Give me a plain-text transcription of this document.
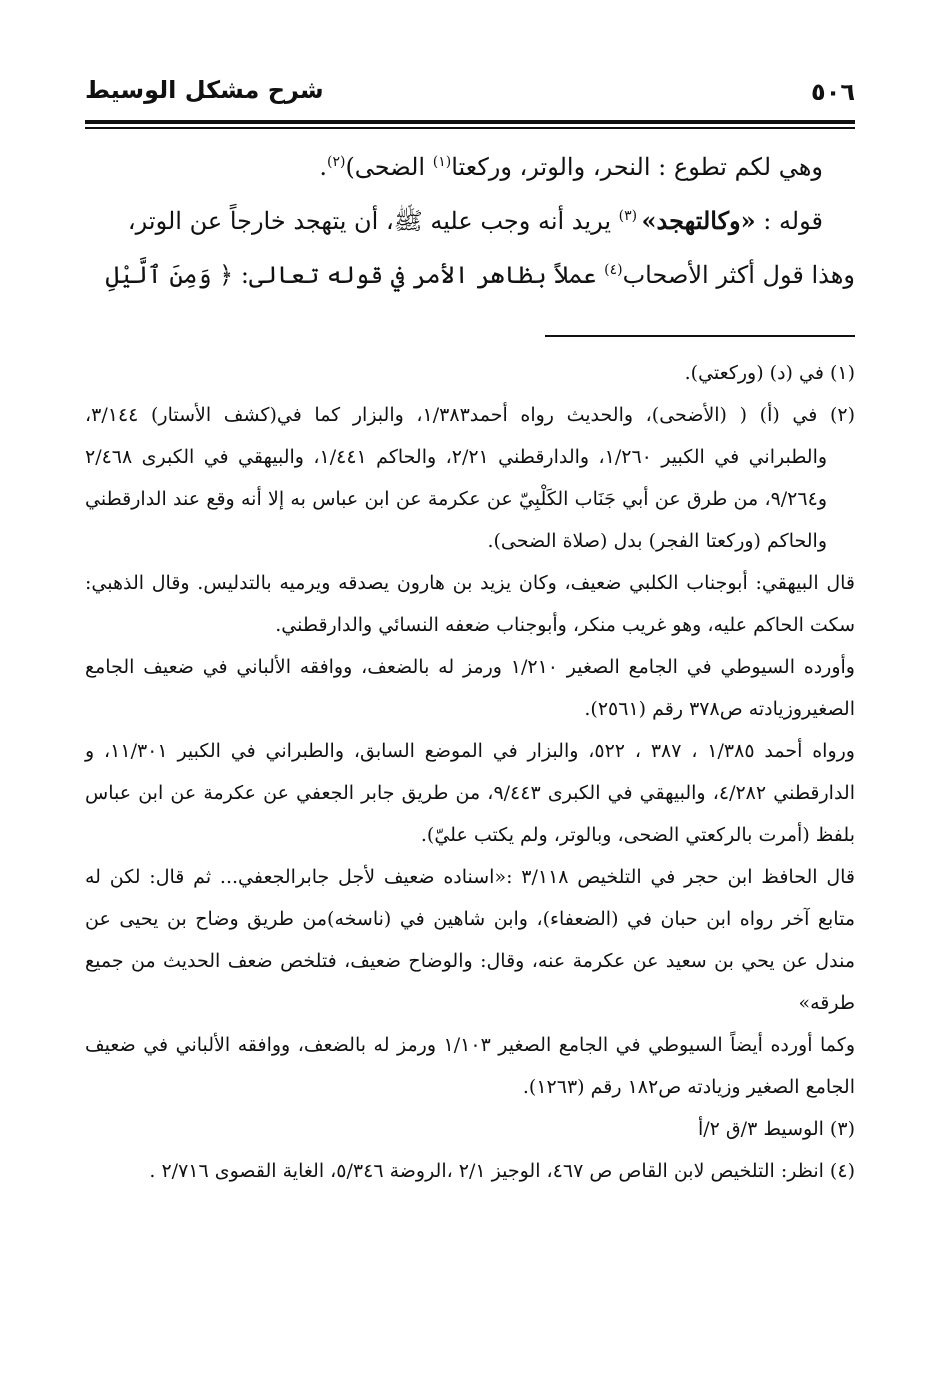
٥٠٦
شرح مشكل الوسيط

وهي لكم تطوع : النحر، والوتر، وركعتا$^{(١)}$ الضحى)$^{(٢)}$.

قوله : «وكالتهجد» $^{(٣)}$ يريد أنه وجب عليه ﷺ، أن يتهجد خارجاً عن الوتر،

وهذا قول أكثر الأصحاب$^{(٤)}$ عملاً بظاهر الأمر في قوله تعالى: ﴿ وَمِنَ ٱلَّيْلِ

(١) في (د) (وركعتي).

(٢) في (أ) ( (الأضحى)، والحديث رواه أحمد١/٣٨٣، والبزار كما في(كشف الأستار) ٣/١٤٤، والطبراني في الكبير ١/٢٦٠، والدارقطني ٢/٢١، والحاكم ١/٤٤١، والبيهقي في الكبرى ٢/٤٦٨ و٩/٢٦٤، من طرق عن أبي جَنَاب الكَلْبِيّ عن عكرمة عن ابن عباس به إلا أنه وقع عند الدارقطني والحاكم (وركعتا الفجر) بدل (صلاة الضحى).

قال البيهقي: أبوجناب الكلبي ضعيف، وكان يزيد بن هارون يصدقه ويرميه بالتدليس. وقال الذهبي: سكت الحاكم عليه، وهو غريب منكر، وأبوجناب ضعفه النسائي والدارقطني.

وأورده السيوطي في الجامع الصغير ١/٢١٠ ورمز له بالضعف، ووافقه الألباني في ضعيف الجامع الصغيروزيادته ص٣٧٨ رقم (٢٥٦١).

ورواه أحمد ١/٣٨٥ ، ٣٨٧ ، ٥٢٢، والبزار في الموضع السابق، والطبراني في الكبير ١١/٣٠١، و الدارقطني ٤/٢٨٢، والبيهقي في الكبرى ٩/٤٤٣، من طريق جابر الجعفي عن عكرمة عن ابن عباس بلفظ (أمرت بالركعتي الضحى، وبالوتر، ولم يكتب عليّ).

قال الحافظ ابن حجر في التلخيص ٣/١١٨ :«اسناده ضعيف لأجل جابرالجعفي... ثم قال: لكن له متابع آخر رواه ابن حبان في (الضعفاء)، وابن شاهين في (ناسخه)من طريق وضاح بن يحيى عن مندل عن يحي بن سعيد عن عكرمة عنه، وقال: والوضاح ضعيف، فتلخص ضعف الحديث من جميع طرقه»

وكما أورده أيضاً السيوطي في الجامع الصغير ١/١٠٣ ورمز له بالضعف، ووافقه الألباني في ضعيف الجامع الصغير وزيادته ص١٨٢ رقم (١٢٦٣).

(٣) الوسيط ٣/ق ٢/أ

(٤) انظر: التلخيص لابن القاص ص ٤٦٧، الوجيز ٢/١ ،الروضة ٥/٣٤٦، الغاية القصوى ٢/٧١٦ .
